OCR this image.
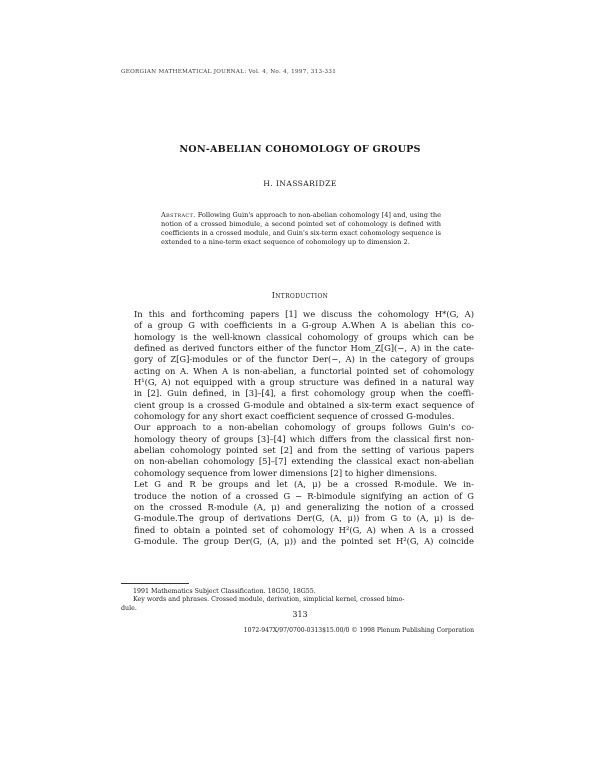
GEORGIAN MATHEMATICAL JOURNAL: Vol. 4, No. 4, 1997, 313-331
NON-ABELIAN COHOMOLOGY OF GROUPS
H. INASSARIDZE
Abstract. Following Guin's approach to non-abelian cohomology [4] and, using the notion of a crossed bimodule, a second pointed set of cohomology is defined with coefficients in a crossed module, and Guin's six-term exact cohomology sequence is extended to a nine-term exact sequence of cohomology up to dimension 2.
Introduction

In this and forthcoming papers [1] we discuss the cohomology H*(G, A)
of a group G with coefficients in a G-group A.When A is abelian this co-
homology is the well-known classical cohomology of groups which can be
defined as derived functors either of the functor Hom_Z[G](−, A) in the cate-
gory of Z[G]-modules or of the functor Der(−, A) in the category of groups
acting on A. When A is non-abelian, a functorial pointed set of cohomology
H¹(G, A) not equipped with a group structure was defined in a natural way
in [2]. Guin defined, in [3]–[4], a first cohomology group when the coeffi-
cient group is a crossed G-module and obtained a six-term exact sequence of
cohomology for any short exact coefficient sequence of crossed G-modules.

Our approach to a non-abelian cohomology of groups follows Guin's co-
homology theory of groups [3]–[4] which differs from the classical first non-
abelian cohomology pointed set [2] and from the setting of various papers
on non-abelian cohomology [5]–[7] extending the classical exact non-abelian
cohomology sequence from lower dimensions [2] to higher dimensions.

Let G and R be groups and let (A, μ) be a crossed R-module. We in-
troduce the notion of a crossed G − R-bimodule signifying an action of G
on the crossed R-module (A, μ) and generalizing the notion of a crossed
G-module.The group of derivations Der(G, (A, μ)) from G to (A, μ) is de-
fined to obtain a pointed set of cohomology H²(G, A) when A is a crossed
G-module. The group Der(G, (A, μ)) and the pointed set H²(G, A) coincide

1991 Mathematics Subject Classification. 18G50, 18G55.
Key words and phrases. Crossed module, derivation, simplicial kernel, crossed bimo-
dule.
313
1072-947X/97/0700-0313$15.00/0 © 1998 Plenum Publishing Corporation
